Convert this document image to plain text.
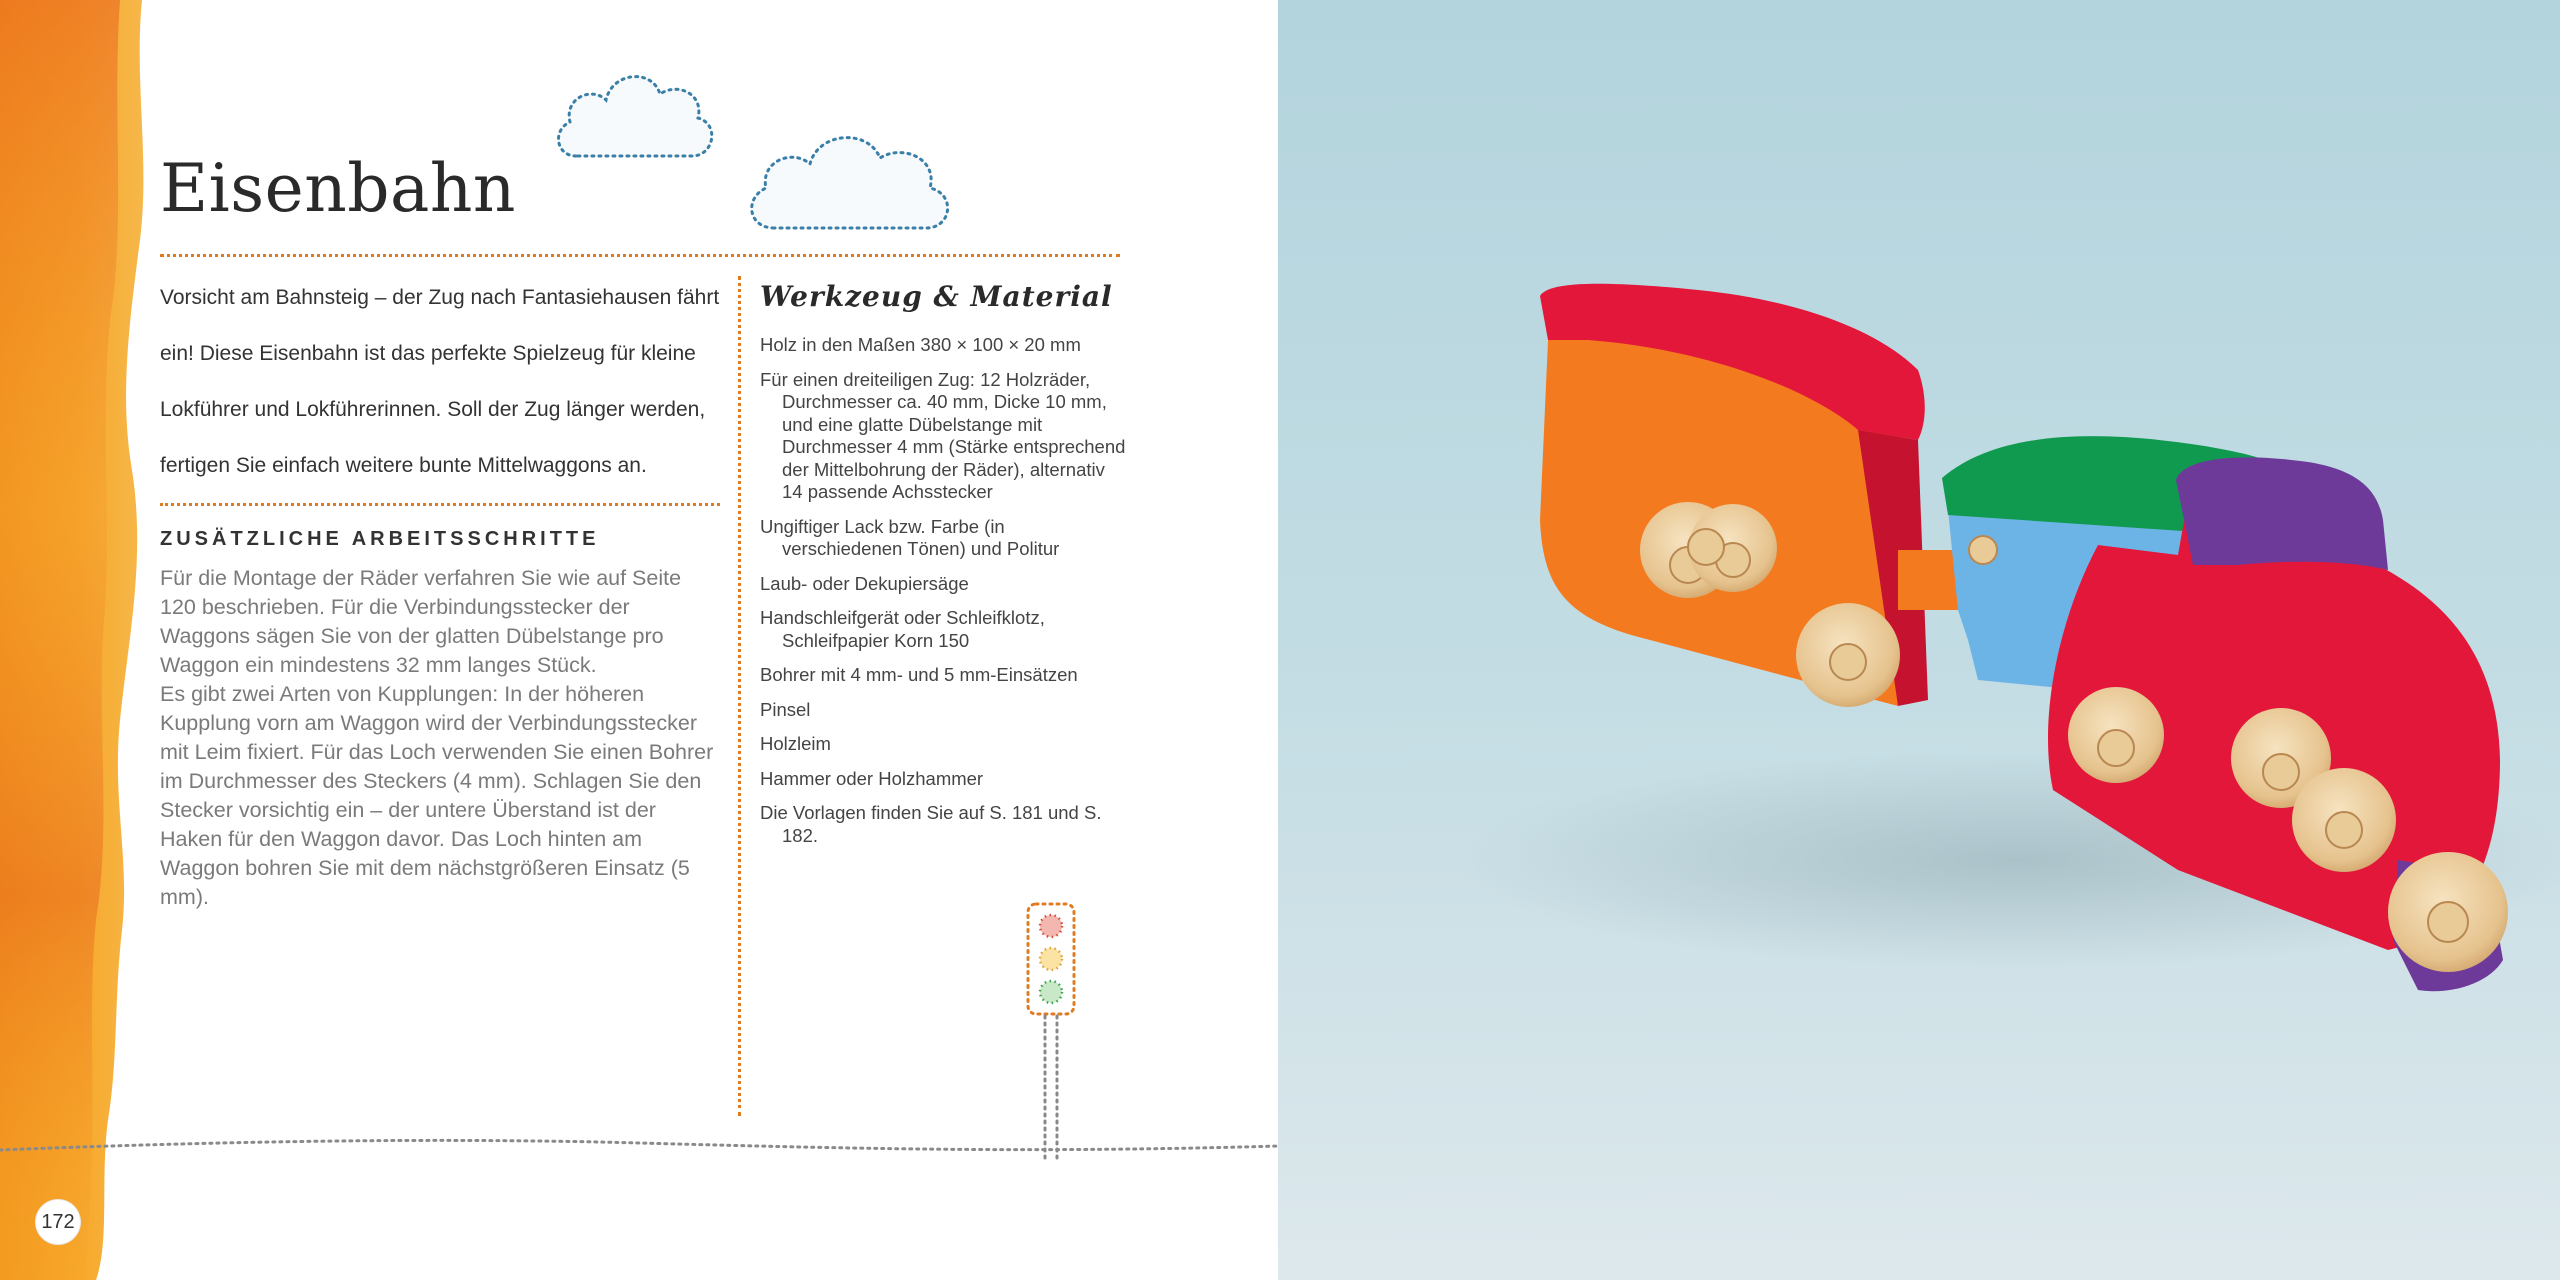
Eisenbahn

Vorsicht am Bahnsteig – der Zug nach Fantasiehausen fährt ein! Diese Eisenbahn ist das perfekte Spielzeug für kleine Lokführer und Lokführerinnen. Soll der Zug länger werden, fertigen Sie einfach weitere bunte Mittelwaggons an.

ZUSÄTZLICHE ARBEITSSCHRITTE

Für die Montage der Räder verfahren Sie wie auf Seite 120 beschrieben. Für die Verbindungsstecker der Waggons sägen Sie von der glatten Dübelstange pro Waggon ein mindestens 32 mm langes Stück.

Es gibt zwei Arten von Kupplungen: In der höheren Kupplung vorn am Waggon wird der Verbindungsstecker mit Leim fixiert. Für das Loch verwenden Sie einen Bohrer im Durchmesser des Steckers (4 mm). Schlagen Sie den Stecker vorsichtig ein – der untere Überstand ist der Haken für den Waggon davor. Das Loch hinten am Waggon bohren Sie mit dem nächstgrößeren Einsatz (5 mm).

Werkzeug & Material
Holz in den Maßen 380 × 100 × 20 mm
Für einen dreiteiligen Zug: 12 Holzräder, Durchmesser ca. 40 mm, Dicke 10 mm, und eine glatte Dübelstange mit Durchmesser 4 mm (Stärke entsprechend der Mittelbohrung der Räder), alternativ 14 passende Achsstecker
Ungiftiger Lack bzw. Farbe (in verschiedenen Tönen) und Politur
Laub- oder Dekupiersäge
Handschleifgerät oder Schleifklotz, Schleifpapier Korn 150
Bohrer mit 4 mm- und 5 mm-Einsätzen
Pinsel
Holzleim
Hammer oder Holzhammer
Die Vorlagen finden Sie auf S. 181 und S. 182.
172
